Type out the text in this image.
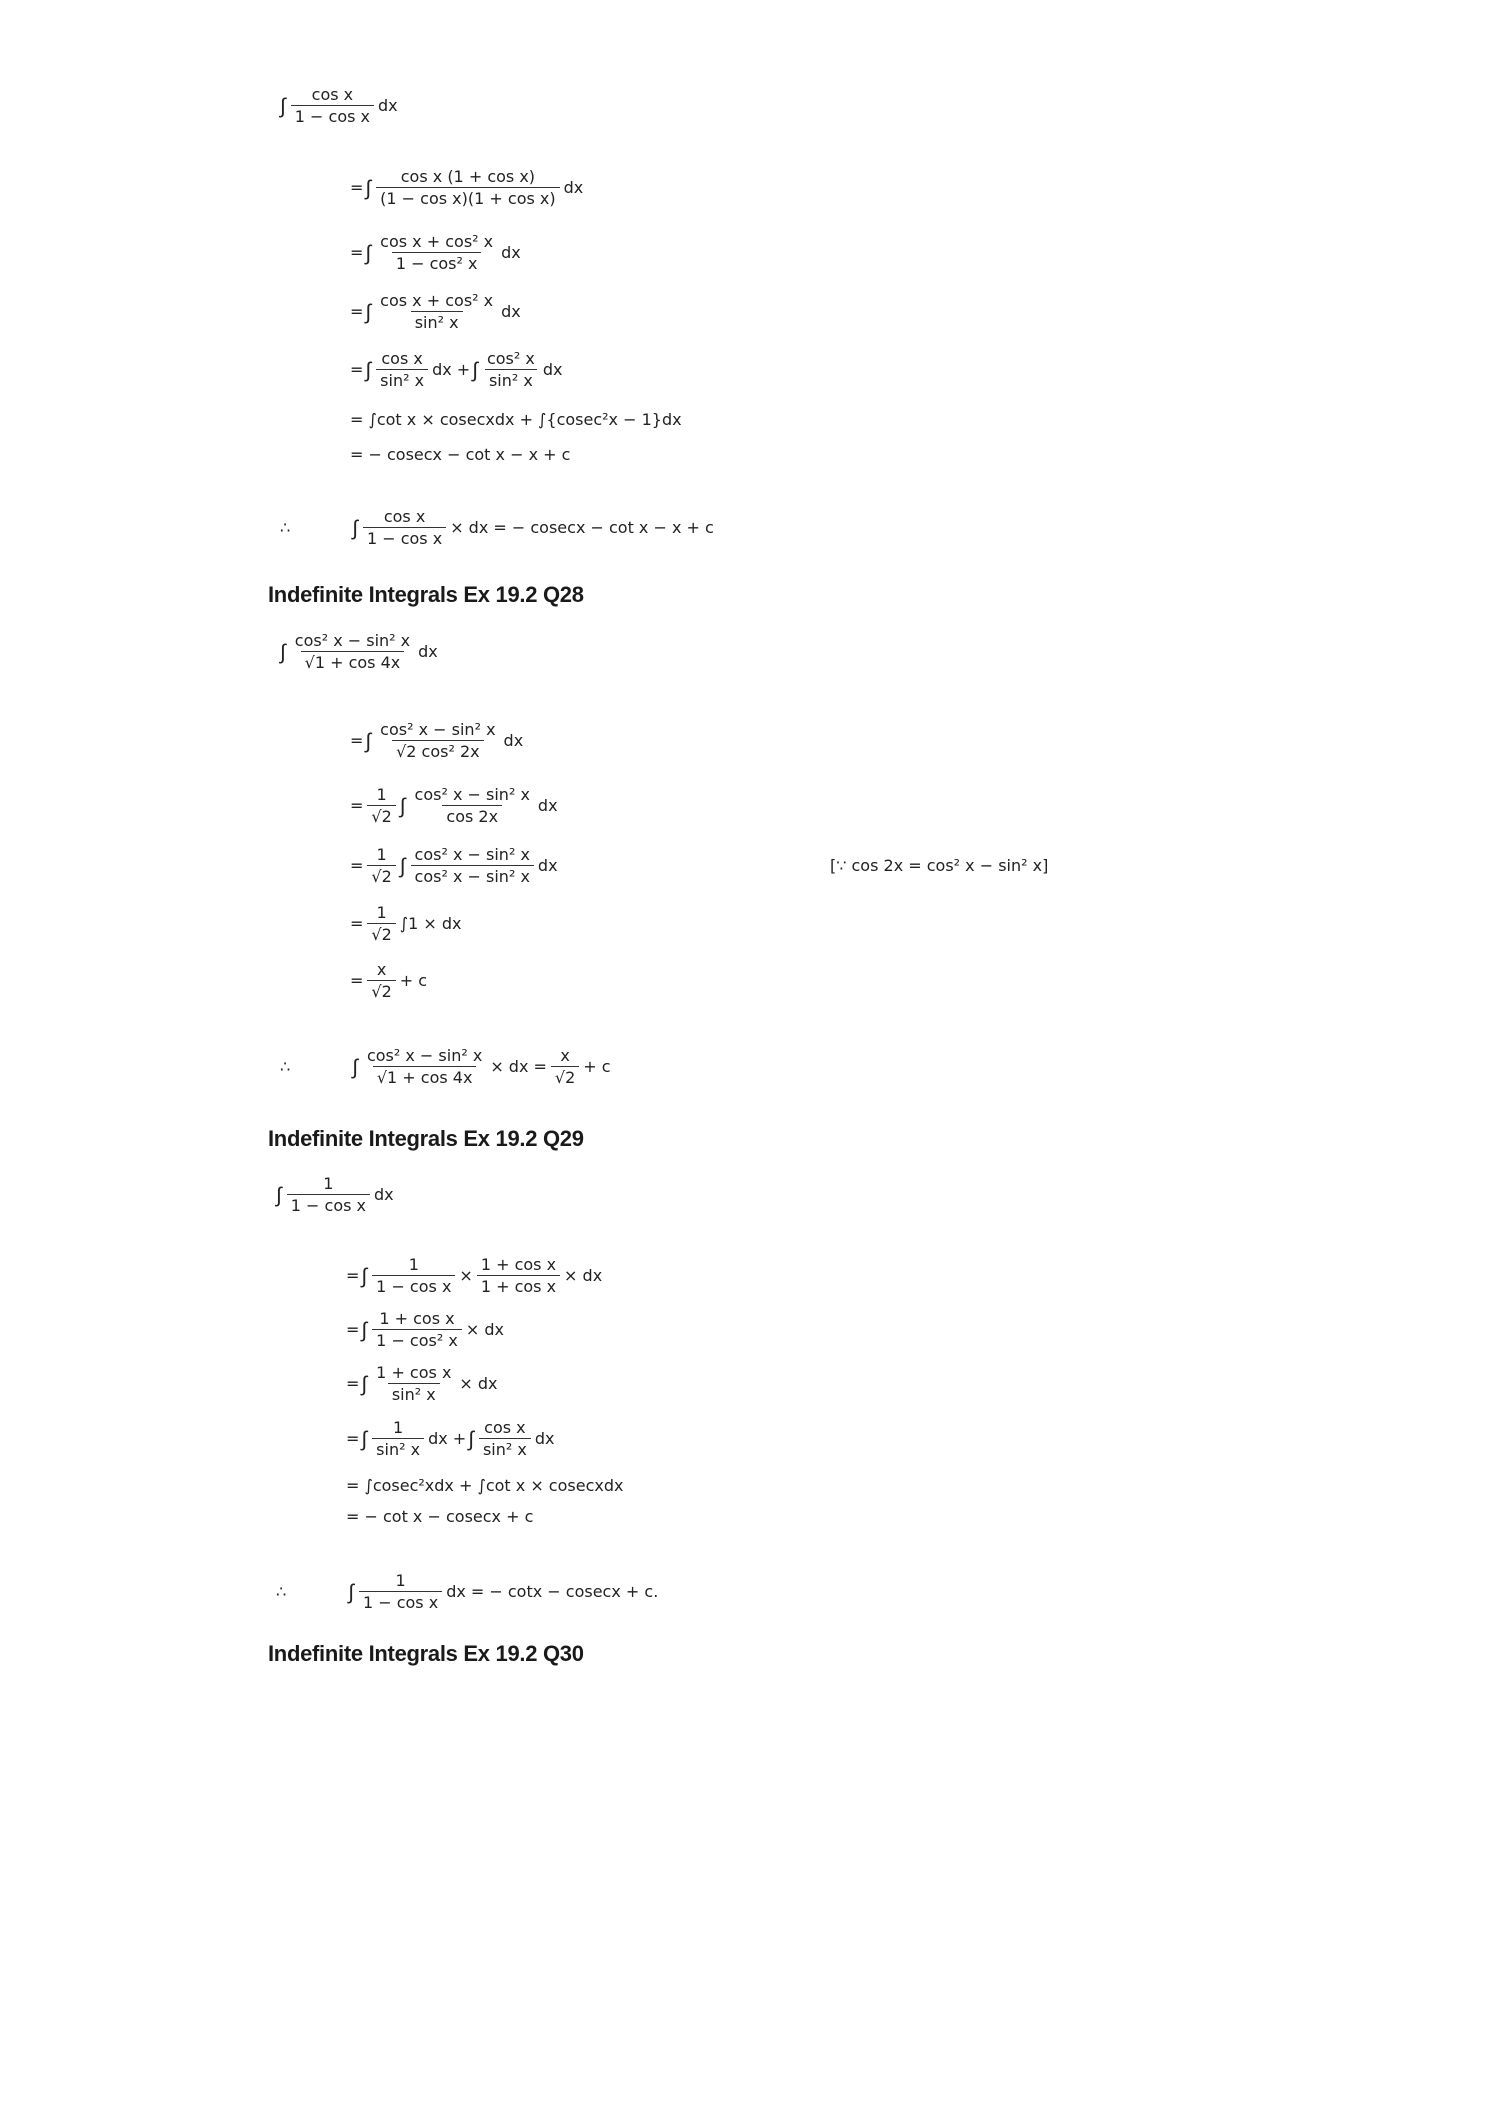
∫ $\frac{\text{cos x}}{\text{1 − cos x}}$ dx
= ∫ $\frac{\text{cos x (1 + cos x)}}{\text{(1 − cos x)(1 + cos x)}}$ dx
= ∫ $\frac{\text{cos x + cos² x}}{\text{1 − cos² x}}$ dx
= ∫ $\frac{\text{cos x + cos² x}}{\text{sin² x}}$ dx
= ∫ $\frac{\text{cos x}}{\text{sin² x}}$ dx + ∫ $\frac{\text{cos² x}}{\text{sin² x}}$ dx
= ∫cot x × cosecxdx + ∫{cosec²x − 1}dx
= − cosecx − cot x − x + c
∴	∫ $\frac{\text{cos x}}{\text{1 − cos x}}$ × dx = − cosecx − cot x − x + c
Indefinite Integrals Ex 19.2 Q28
∫ $\frac{\text{cos² x − sin² x}}{√1 + \cos 4x}$ dx
= ∫ $\frac{\text{cos² x − sin² x}}{\text{√2 cos² 2x}}$ dx
= $\frac{1}{√2}$ ∫ $\frac{\text{cos² x − sin² x}}{\cos 2x}$ dx
= $\frac{1}{√2}$ ∫ $\frac{\text{cos² x − sin² x}}{\text{cos² x − sin² x}}$ dx	[∵ cos 2x = cos² x − sin² x]
= $\frac{1}{√2} \int 1$ × dx
= $\frac{x}{√2} + c$
∴	∫ $\frac{\text{cos² x − sin² x}}{√1 + \cos 4x}$ × dx = $\frac{x}{√2} + c$
Indefinite Integrals Ex 19.2 Q29
∫ $\frac{1}{\text{1 − cos x}}$ dx
= ∫ $\frac{1}{\text{1 − cos x}} \times \frac{\text{1 + cos x}}{\text{1 + cos x}}$ × dx
= ∫ $\frac{\text{1 + cos x}}{\text{1 − cos² x}}$ × dx
= ∫ $\frac{\text{1 + cos x}}{\text{sin² x}}$ × dx
= ∫ $\frac{1}{\text{sin² x}}$ dx + ∫ $\frac{\text{cos x}}{\text{sin² x}}$ dx
= ∫cosec²xdx + ∫cot x × cosecxdx
= − cot x − cosecx + c
∴	∫ $\frac{1}{\text{1 − cos x}}$ dx = − cotx − cosecx + c.
Indefinite Integrals Ex 19.2 Q30
